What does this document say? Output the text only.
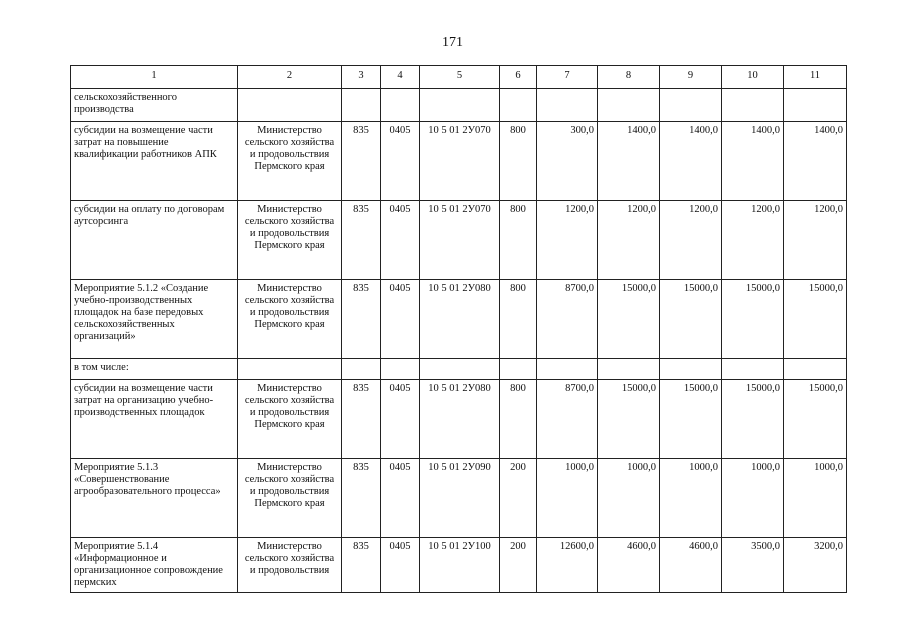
171
1	2	3	4	5	6	7	8	9	10	11
сельскохозяйственного производства										
субсидии на возмещение части затрат на повышение квалификации работников АПК	Министерство сельского хозяйства и продовольствия Пермского края	835	0405	10 5 01 2У070	800	300,0	1400,0	1400,0	1400,0	1400,0
субсидии на оплату по договорам аутсорсинга	Министерство сельского хозяйства и продовольствия Пермского края	835	0405	10 5 01 2У070	800	1200,0	1200,0	1200,0	1200,0	1200,0
Мероприятие 5.1.2 «Создание учебно-производственных площадок на базе передовых сельскохозяйственных организаций»	Министерство сельского хозяйства и продовольствия Пермского края	835	0405	10 5 01 2У080	800	8700,0	15000,0	15000,0	15000,0	15000,0
в том числе:										
субсидии на возмещение части затрат на организацию учебно-производственных площадок	Министерство сельского хозяйства и продовольствия Пермского края	835	0405	10 5 01 2У080	800	8700,0	15000,0	15000,0	15000,0	15000,0
Мероприятие 5.1.3 «Совершенствование агрообразовательного процесса»	Министерство сельского хозяйства и продовольствия Пермского края	835	0405	10 5 01 2У090	200	1000,0	1000,0	1000,0	1000,0	1000,0
Мероприятие 5.1.4 «Информационное и организационное сопровождение пермских	Министерство сельского хозяйства и продовольствия	835	0405	10 5 01 2У100	200	12600,0	4600,0	4600,0	3500,0	3200,0
